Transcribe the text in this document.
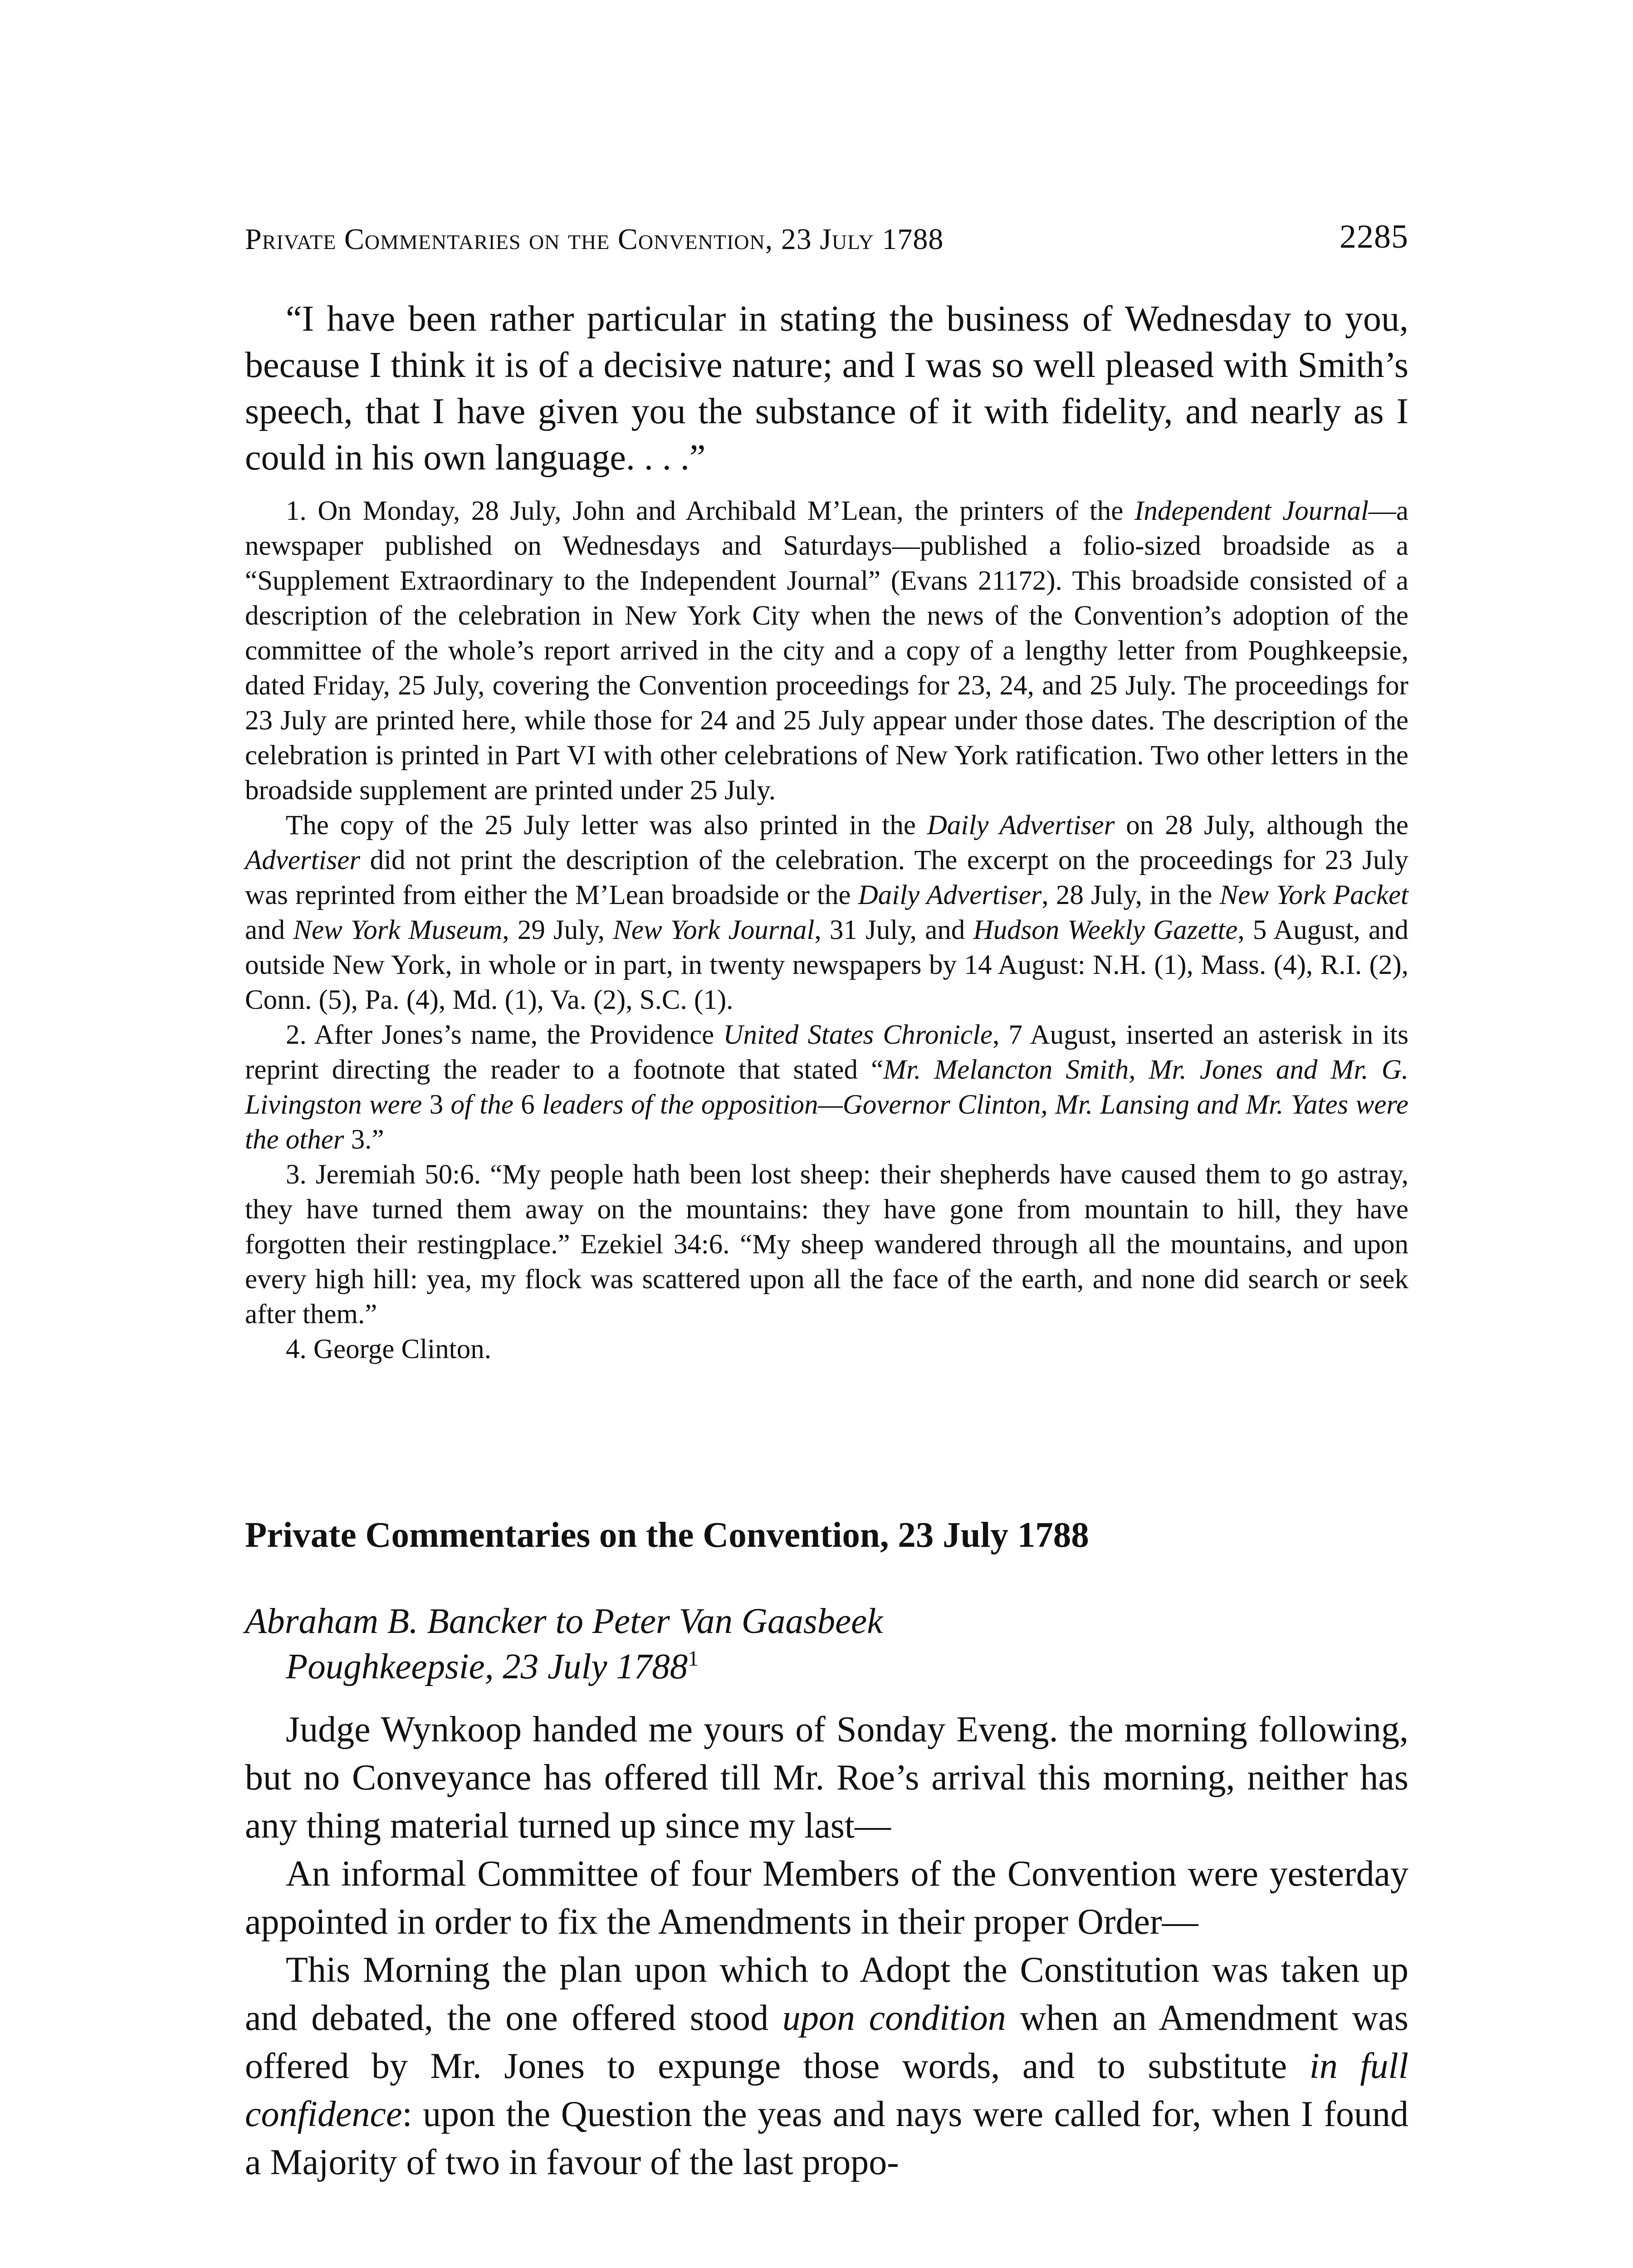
Private Commentaries on the Convention, 23 July 1788	2285

“I have been rather particular in stating the business of Wednesday to you, because I think it is of a decisive nature; and I was so well pleased with Smith’s speech, that I have given you the substance of it with fidelity, and nearly as I could in his own language. . . .”

1. On Monday, 28 July, John and Archibald M’Lean, the printers of the Independent Journal—a newspaper published on Wednesdays and Saturdays—published a folio-sized broadside as a “Supplement Extraordinary to the Independent Journal” (Evans 21172). This broadside consisted of a description of the celebration in New York City when the news of the Convention’s adoption of the committee of the whole’s report arrived in the city and a copy of a lengthy letter from Poughkeepsie, dated Friday, 25 July, covering the Convention proceedings for 23, 24, and 25 July. The proceedings for 23 July are printed here, while those for 24 and 25 July appear under those dates. The description of the celebration is printed in Part VI with other celebrations of New York ratification. Two other letters in the broadside supplement are printed under 25 July.

The copy of the 25 July letter was also printed in the Daily Advertiser on 28 July, although the Advertiser did not print the description of the celebration. The excerpt on the proceedings for 23 July was reprinted from either the M’Lean broadside or the Daily Advertiser, 28 July, in the New York Packet and New York Museum, 29 July, New York Journal, 31 July, and Hudson Weekly Gazette, 5 August, and outside New York, in whole or in part, in twenty newspapers by 14 August: N.H. (1), Mass. (4), R.I. (2), Conn. (5), Pa. (4), Md. (1), Va. (2), S.C. (1).

2. After Jones’s name, the Providence United States Chronicle, 7 August, inserted an asterisk in its reprint directing the reader to a footnote that stated “Mr. Melancton Smith, Mr. Jones and Mr. G. Livingston were 3 of the 6 leaders of the opposition—Governor Clinton, Mr. Lansing and Mr. Yates were the other 3.”

3. Jeremiah 50:6. “My people hath been lost sheep: their shepherds have caused them to go astray, they have turned them away on the mountains: they have gone from mountain to hill, they have forgotten their restingplace.” Ezekiel 34:6. “My sheep wandered through all the mountains, and upon every high hill: yea, my flock was scattered upon all the face of the earth, and none did search or seek after them.”

4. George Clinton.

Private Commentaries on the Convention, 23 July 1788
Abraham B. Bancker to Peter Van Gaasbeek
Poughkeepsie, 23 July 1788$^1$

Judge Wynkoop handed me yours of Sonday Eveng. the morning following, but no Conveyance has offered till Mr. Roe’s arrival this morning, neither has any thing material turned up since my last—

An informal Committee of four Members of the Convention were yesterday appointed in order to fix the Amendments in their proper Order—

This Morning the plan upon which to Adopt the Constitution was taken up and debated, the one offered stood upon condition when an Amendment was offered by Mr. Jones to expunge those words, and to substitute in full confidence: upon the Question the yeas and nays were called for, when I found a Majority of two in favour of the last propo-
